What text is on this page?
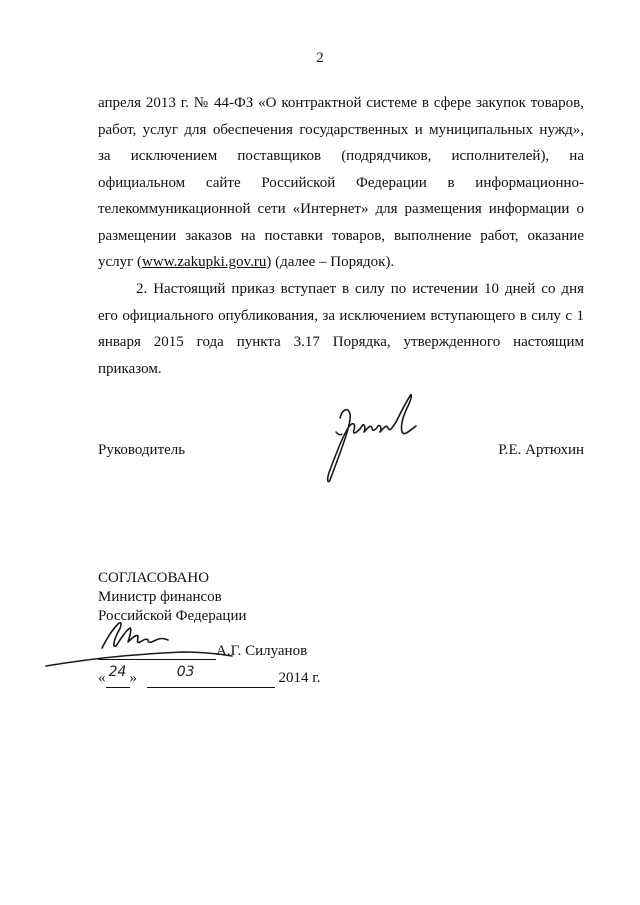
2
апреля 2013 г. № 44-ФЗ «О контрактной системе в сфере закупок товаров,
работ, услуг для обеспечения государственных и муниципальных нужд»,
за исключением поставщиков (подрядчиков, исполнителей), на
официальном сайте Российской Федерации в информационно-
телекоммуникационной сети «Интернет» для размещения информации о
размещении заказов на поставки товаров, выполнение работ, оказание
услуг (www.zakupki.gov.ru) (далее – Порядок).
2. Настоящий приказ вступает в силу по истечении 10 дней со дня
его официального опубликования, за исключением вступающего в силу с 1
января 2015 года пункта 3.17 Порядка, утвержденного настоящим
приказом.
Руководитель	Р.Е. Артюхин
СОГЛАСОВАНО
Министр финансов
Российской Федерации
А.Г. Силуанов
« 24 »	03	2014 г.
